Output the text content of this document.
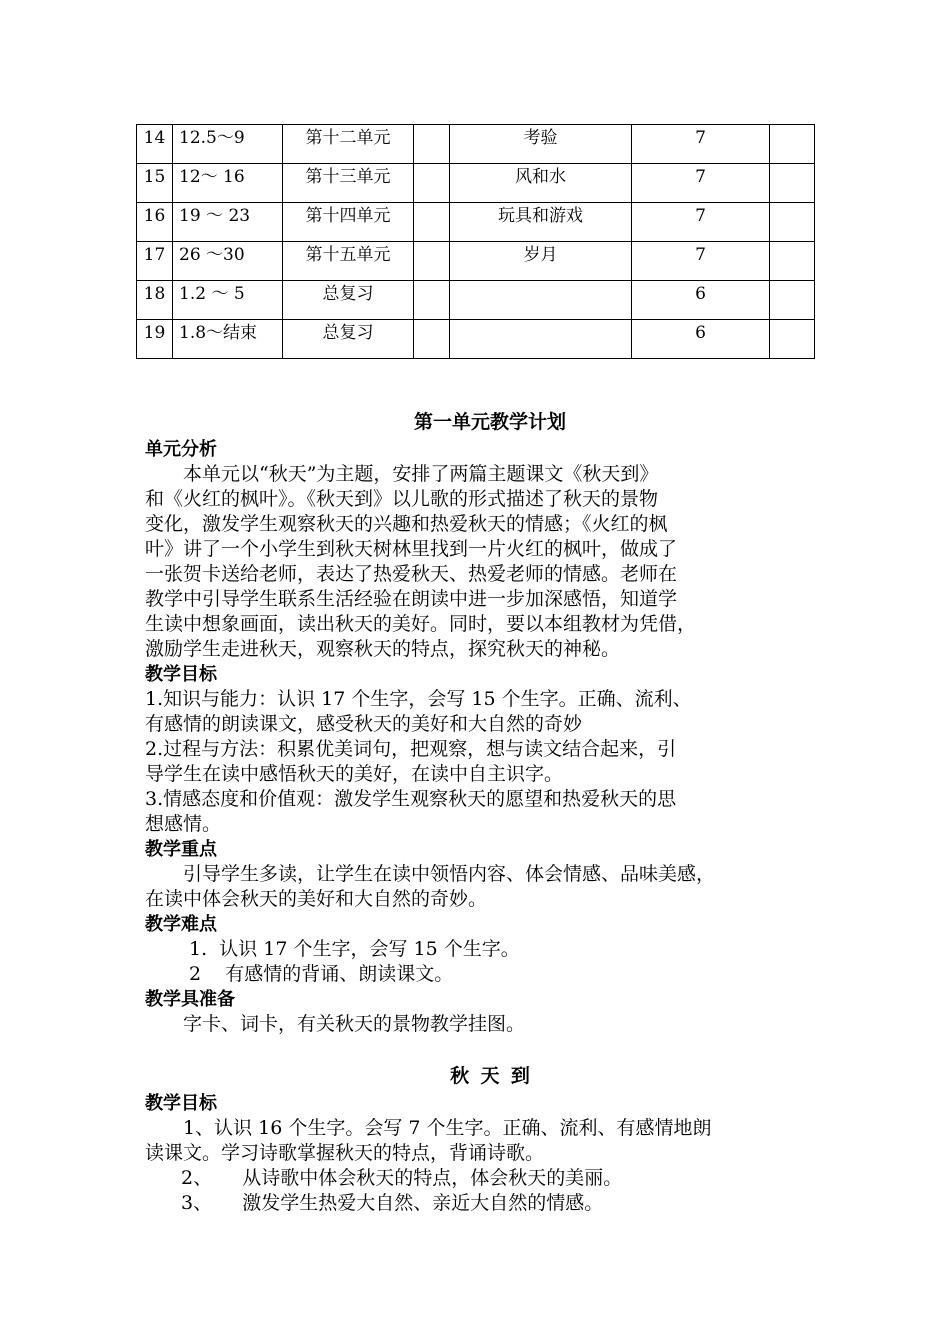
14	12.5～9	第十二单元		考验	7	
15	12～ 16	第十三单元		风和水	7	
16	19 ～ 23	第十四单元		玩具和游戏	7	
17	26 ～30	第十五单元		岁月	7	
18	1.2 ～ 5	总复习			6	
19	1.8～结束	总复习			6	

第一单元教学计划

单元分析

本单元以“秋天”为主题，安排了两篇主题课文《秋天到》

和《火红的枫叶》。《秋天到》以儿歌的形式描述了秋天的景物

变化，激发学生观察秋天的兴趣和热爱秋天的情感；《火红的枫

叶》讲了一个小学生到秋天树林里找到一片火红的枫叶，做成了

一张贺卡送给老师，表达了热爱秋天、热爱老师的情感。老师在

教学中引导学生联系生活经验在朗读中进一步加深感悟，知道学

生读中想象画面，读出秋天的美好。同时，要以本组教材为凭借，

激励学生走进秋天，观察秋天的特点，探究秋天的神秘。

教学目标

1.知识与能力：认识 17 个生字，会写 15 个生字。正确、流利、

有感情的朗读课文，感受秋天的美好和大自然的奇妙

2.过程与方法：积累优美词句，把观察，想与读文结合起来，引

导学生在读中感悟秋天的美好，在读中自主识字。

3.情感态度和价值观：激发学生观察秋天的愿望和热爱秋天的思

想感情。

教学重点

引导学生多读，让学生在读中领悟内容、体会情感、品味美感，

在读中体会秋天的美好和大自然的奇妙。

教学难点

1.  认识 17 个生字，会写 15 个生字。

2    有感情的背诵、朗读课文。

教学具准备

字卡、词卡，有关秋天的景物教学挂图。

秋天到

教学目标

1、认识 16 个生字。会写 7 个生字。正确、流利、有感情地朗

读课文。学习诗歌掌握秋天的特点，背诵诗歌。

2、     从诗歌中体会秋天的特点，体会秋天的美丽。

3、     激发学生热爱大自然、亲近大自然的情感。
